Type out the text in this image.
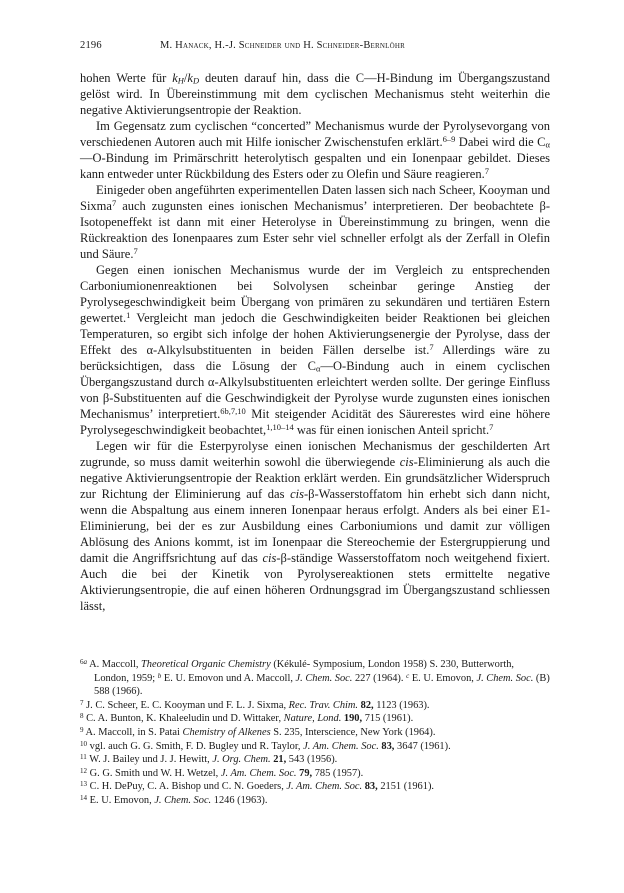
2196	M. Hanack, H.-J. Schneider und H. Schneider-Bernlöhr

hohen Werte für $k_H/k_D$ deuten darauf hin, dass die C—H-Bindung im Übergangszustand gelöst wird. In Übereinstimmung mit dem cyclischen Mechanismus steht weiterhin die negative Aktivierungsentropie der Reaktion.

Im Gegensatz zum cyclischen “concerted” Mechanismus wurde der Pyrolysevorgang von verschiedenen Autoren auch mit Hilfe ionischer Zwischenstufen erklärt.$^{6-9}$ Dabei wird die $C_\alpha—O$-Bindung im Primärschritt heterolytisch gespalten und ein Ionenpaar gebildet. Dieses kann entweder unter Rückbildung des Esters oder zu Olefin und Säure reagieren.$^7$

Einigeder oben angeführten experimentellen Daten lassen sich nach Scheer, Kooyman und Sixma$^7$ auch zugunsten eines ionischen Mechanismus’ interpretieren. Der beobachtete β-Isotopeneffekt ist dann mit einer Heterolyse in Übereinstimmung zu bringen, wenn die Rückreaktion des Ionenpaares zum Ester sehr viel schneller erfolgt als der Zerfall in Olefin und Säure.$^7$

Gegen einen ionischen Mechanismus wurde der im Vergleich zu entsprechenden Carboniumionenreaktionen bei Solvolysen scheinbar geringe Anstieg der Pyrolysegeschwindigkeit beim Übergang von primären zu sekundären und tertiären Estern gewertet.$^1$ Vergleicht man jedoch die Geschwindigkeiten beider Reaktionen bei gleichen Temperaturen, so ergibt sich infolge der hohen Aktivierungsenergie der Pyrolyse, dass der Effekt des α-Alkylsubstituenten in beiden Fällen derselbe ist.$^7$ Allerdings wäre zu berücksichtigen, dass die Lösung der $C_\alpha—O$-Bindung auch in einem cyclischen Übergangszustand durch α-Alkylsubstituenten erleichtert werden sollte. Der geringe Einfluss von β-Substituenten auf die Geschwindigkeit der Pyrolyse wurde zugunsten eines ionischen Mechanismus’ interpretiert.$^{6b,7,10}$ Mit steigender Acidität des Säurerestes wird eine höhere Pyrolysegeschwindigkeit beobachtet,$^{1,10-14}$ was für einen ionischen Anteil spricht.$^7$

Legen wir für die Esterpyrolyse einen ionischen Mechanismus der geschilderten Art zugrunde, so muss damit weiterhin sowohl die überwiegende cis-Eliminierung als auch die negative Aktivierungsentropie der Reaktion erklärt werden. Ein grundsätzlicher Widerspruch zur Richtung der Eliminierung auf das cis-β-Wasserstoffatom hin erhebt sich dann nicht, wenn die Abspaltung aus einem inneren Ionenpaar heraus erfolgt. Anders als bei einer E1-Eliminierung, bei der es zur Ausbildung eines Carboniumions und damit zur völligen Ablösung des Anions kommt, ist im Ionenpaar die Stereochemie der Estergruppierung und damit die Angriffsrichtung auf das cis-β-ständige Wasserstoffatom noch weitgehend fixiert. Auch die bei der Kinetik von Pyrolysereaktionen stets ermittelte negative Aktivierungsentropie, die auf einen höheren Ordnungsgrad im Übergangszustand schliessen lässt,

$^{6a}$ A. Maccoll, Theoretical Organic Chemistry (Kékulé- Symposium, London 1958) S. 230, Butterworth, London, 1959; $^b$ E. U. Emovon und A. Maccoll, J. Chem. Soc. 227 (1964). $^c$ E. U. Emovon, J. Chem. Soc. (B) 588 (1966).

$^7$ J. C. Scheer, E. C. Kooyman und F. L. J. Sixma, Rec. Trav. Chim. 82, 1123 (1963).

$^8$ C. A. Bunton, K. Khaleeludin und D. Wittaker, Nature, Lond. 190, 715 (1961).

$^9$ A. Maccoll, in S. Patai Chemistry of Alkenes S. 235, Interscience, New York (1964).

$^{10}$ vgl. auch G. G. Smith, F. D. Bugley und R. Taylor, J. Am. Chem. Soc. 83, 3647 (1961).

$^{11}$ W. J. Bailey und J. J. Hewitt, J. Org. Chem. 21, 543 (1956).

$^{12}$ G. G. Smith und W. H. Wetzel, J. Am. Chem. Soc. 79, 785 (1957).

$^{13}$ C. H. DePuy, C. A. Bishop und C. N. Goeders, J. Am. Chem. Soc. 83, 2151 (1961).

$^{14}$ E. U. Emovon, J. Chem. Soc. 1246 (1963).
